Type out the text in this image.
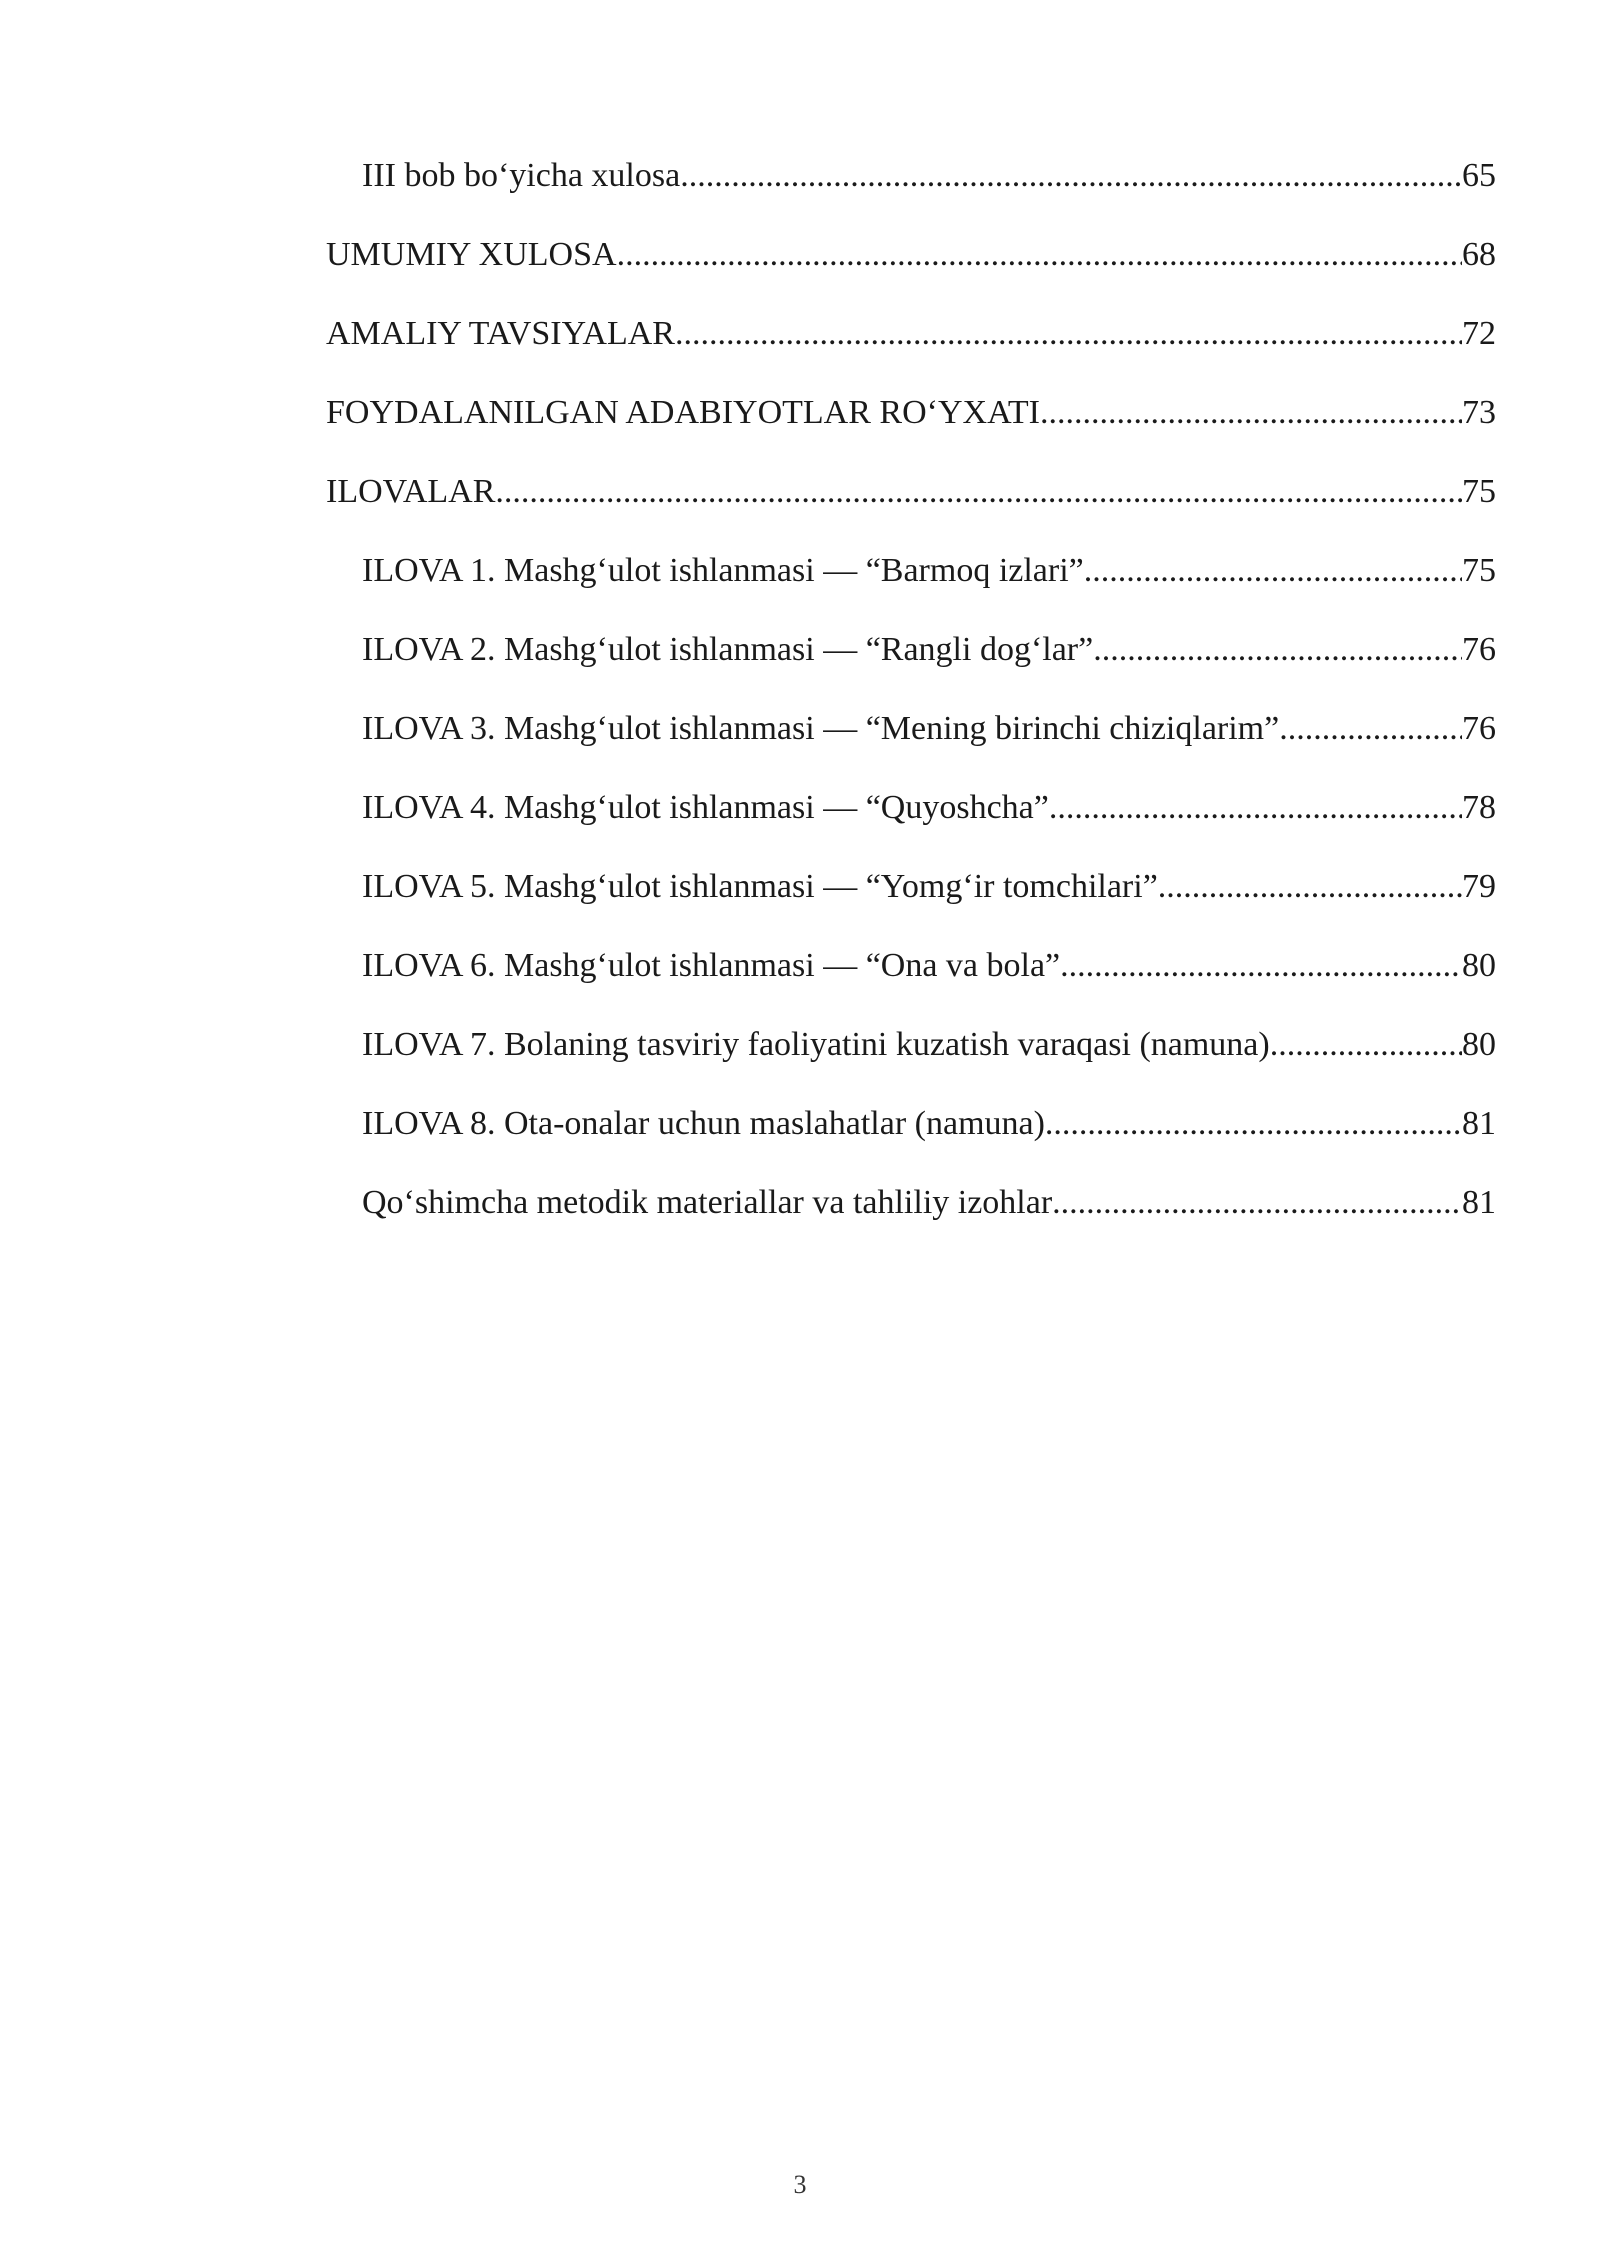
III bob bo‘yicha xulosa .....	65
UMUMIY XULOSA .....	68
AMALIY TAVSIYALAR .....	72
FOYDALANILGAN ADABIYOTLAR RO‘YXATI .....	73
ILOVALAR .....	75
ILOVA 1. Mashg‘ulot ishlanmasi — “Barmoq izlari” .....	75
ILOVA 2. Mashg‘ulot ishlanmasi — “Rangli dog‘lar” .....	76
ILOVA 3. Mashg‘ulot ishlanmasi — “Mening birinchi chiziqlarim” .....	76
ILOVA 4. Mashg‘ulot ishlanmasi — “Quyoshcha” .....	78
ILOVA 5. Mashg‘ulot ishlanmasi — “Yomg‘ir tomchilari” .....	79
ILOVA 6. Mashg‘ulot ishlanmasi — “Ona va bola” .....	80
ILOVA 7. Bolaning tasviriy faoliyatini kuzatish varaqasi (namuna) .....	80
ILOVA 8. Ota-onalar uchun maslahatlar (namuna) .....	81
Qo‘shimcha metodik materiallar va tahliliy izohlar .....	81
3
